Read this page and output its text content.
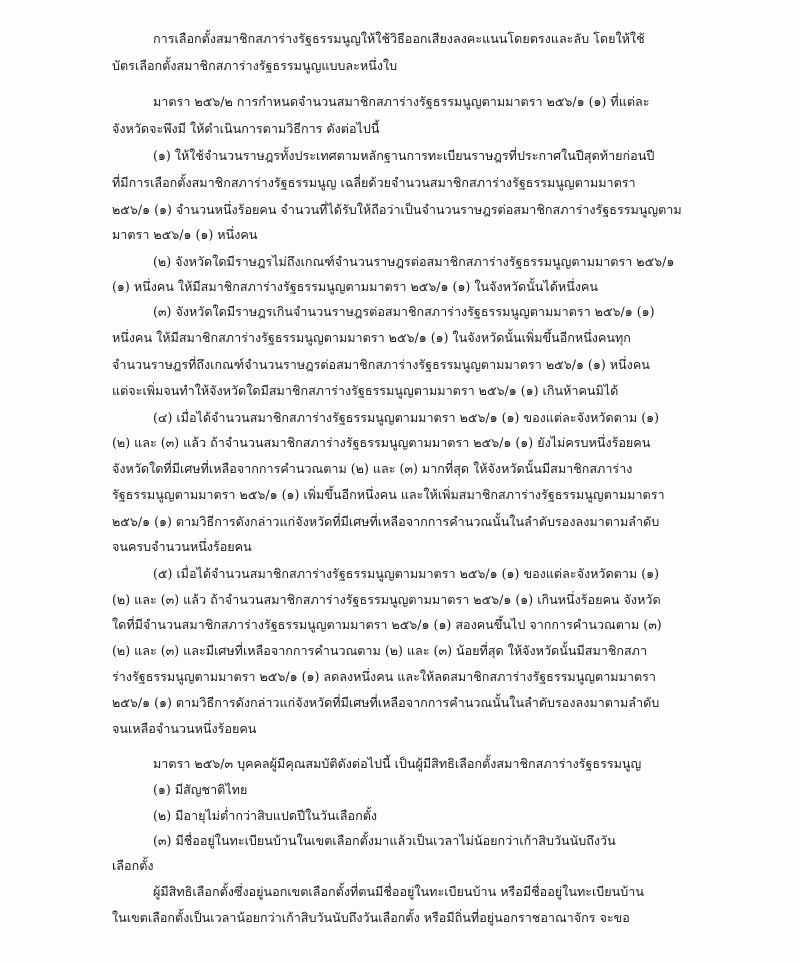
การเลือกตั้งสมาชิกสภาร่างรัฐธรรมนูญให้ใช้วิธีออกเสียงลงคะแนนโดยตรงและลับ โดยให้ใช้
บัตรเลือกตั้งสมาชิกสภาร่างรัฐธรรมนูญแบบละหนึ่งใบ
มาตรา ๒๕๖/๒ การกำหนดจำนวนสมาชิกสภาร่างรัฐธรรมนูญตามมาตรา ๒๕๖/๑ (๑) ที่แต่ละ
จังหวัดจะพึงมี ให้ดำเนินการตามวิธีการ ดังต่อไปนี้
(๑) ให้ใช้จำนวนราษฎรทั้งประเทศตามหลักฐานการทะเบียนราษฎรที่ประกาศในปีสุดท้ายก่อนปี
ที่มีการเลือกตั้งสมาชิกสภาร่างรัฐธรรมนูญ เฉลี่ยด้วยจำนวนสมาชิกสภาร่างรัฐธรรมนูญตามมาตรา
๒๕๖/๑ (๑) จำนวนหนึ่งร้อยคน จำนวนที่ได้รับให้ถือว่าเป็นจำนวนราษฎรต่อสมาชิกสภาร่างรัฐธรรมนูญตาม
มาตรา ๒๕๖/๑ (๑) หนึ่งคน
(๒) จังหวัดใดมีราษฎรไม่ถึงเกณฑ์จำนวนราษฎรต่อสมาชิกสภาร่างรัฐธรรมนูญตามมาตรา ๒๕๖/๑
(๑) หนึ่งคน ให้มีสมาชิกสภาร่างรัฐธรรมนูญตามมาตรา ๒๕๖/๑ (๑) ในจังหวัดนั้นได้หนึ่งคน
(๓) จังหวัดใดมีราษฎรเกินจำนวนราษฎรต่อสมาชิกสภาร่างรัฐธรรมนูญตามมาตรา ๒๕๖/๑ (๑)
หนึ่งคน ให้มีสมาชิกสภาร่างรัฐธรรมนูญตามมาตรา ๒๕๖/๑ (๑) ในจังหวัดนั้นเพิ่มขึ้นอีกหนึ่งคนทุก
จำนวนราษฎรที่ถึงเกณฑ์จำนวนราษฎรต่อสมาชิกสภาร่างรัฐธรรมนูญตามมาตรา ๒๕๖/๑ (๑) หนึ่งคน
แต่จะเพิ่มจนทำให้จังหวัดใดมีสมาชิกสภาร่างรัฐธรรมนูญตามมาตรา ๒๕๖/๑ (๑) เกินห้าคนมิได้
(๔) เมื่อได้จำนวนสมาชิกสภาร่างรัฐธรรมนูญตามมาตรา ๒๕๖/๑ (๑) ของแต่ละจังหวัดตาม (๑)
(๒) และ (๓) แล้ว ถ้าจำนวนสมาชิกสภาร่างรัฐธรรมนูญตามมาตรา ๒๕๖/๑ (๑) ยังไม่ครบหนึ่งร้อยคน
จังหวัดใดที่มีเศษที่เหลือจากการคำนวณตาม (๒) และ (๓) มากที่สุด ให้จังหวัดนั้นมีสมาชิกสภาร่าง
รัฐธรรมนูญตามมาตรา ๒๕๖/๑ (๑) เพิ่มขึ้นอีกหนึ่งคน และให้เพิ่มสมาชิกสภาร่างรัฐธรรมนูญตามมาตรา
๒๕๖/๑ (๑) ตามวิธีการดังกล่าวแก่จังหวัดที่มีเศษที่เหลือจากการคำนวณนั้นในลำดับรองลงมาตามลำดับ
จนครบจำนวนหนึ่งร้อยคน
(๕) เมื่อได้จำนวนสมาชิกสภาร่างรัฐธรรมนูญตามมาตรา ๒๕๖/๑ (๑) ของแต่ละจังหวัดตาม (๑)
(๒) และ (๓) แล้ว ถ้าจำนวนสมาชิกสภาร่างรัฐธรรมนูญตามมาตรา ๒๕๖/๑ (๑) เกินหนึ่งร้อยคน จังหวัด
ใดที่มีจำนวนสมาชิกสภาร่างรัฐธรรมนูญตามมาตรา ๒๕๖/๑ (๑) สองคนขึ้นไป จากการคำนวณตาม (๓)
(๒) และ (๓) และมีเศษที่เหลือจากการคำนวณตาม (๒) และ (๓) น้อยที่สุด ให้จังหวัดนั้นมีสมาชิกสภา
ร่างรัฐธรรมนูญตามมาตรา ๒๕๖/๑ (๑) ลดลงหนึ่งคน และให้ลดสมาชิกสภาร่างรัฐธรรมนูญตามมาตรา
๒๕๖/๑ (๑) ตามวิธีการดังกล่าวแก่จังหวัดที่มีเศษที่เหลือจากการคำนวณนั้นในลำดับรองลงมาตามลำดับ
จนเหลือจำนวนหนึ่งร้อยคน
มาตรา ๒๕๖/๓ บุคคลผู้มีคุณสมบัติดังต่อไปนี้ เป็นผู้มีสิทธิเลือกตั้งสมาชิกสภาร่างรัฐธรรมนูญ
(๑) มีสัญชาติไทย
(๒) มีอายุไม่ต่ำกว่าสิบแปดปีในวันเลือกตั้ง
(๓) มีชื่ออยู่ในทะเบียนบ้านในเขตเลือกตั้งมาแล้วเป็นเวลาไม่น้อยกว่าเก้าสิบวันนับถึงวัน
เลือกตั้ง
ผู้มีสิทธิเลือกตั้งซึ่งอยู่นอกเขตเลือกตั้งที่ตนมีชื่ออยู่ในทะเบียนบ้าน หรือมีชื่ออยู่ในทะเบียนบ้าน
ในเขตเลือกตั้งเป็นเวลาน้อยกว่าเก้าสิบวันนับถึงวันเลือกตั้ง หรือมีถิ่นที่อยู่นอกราชอาณาจักร จะขอ
